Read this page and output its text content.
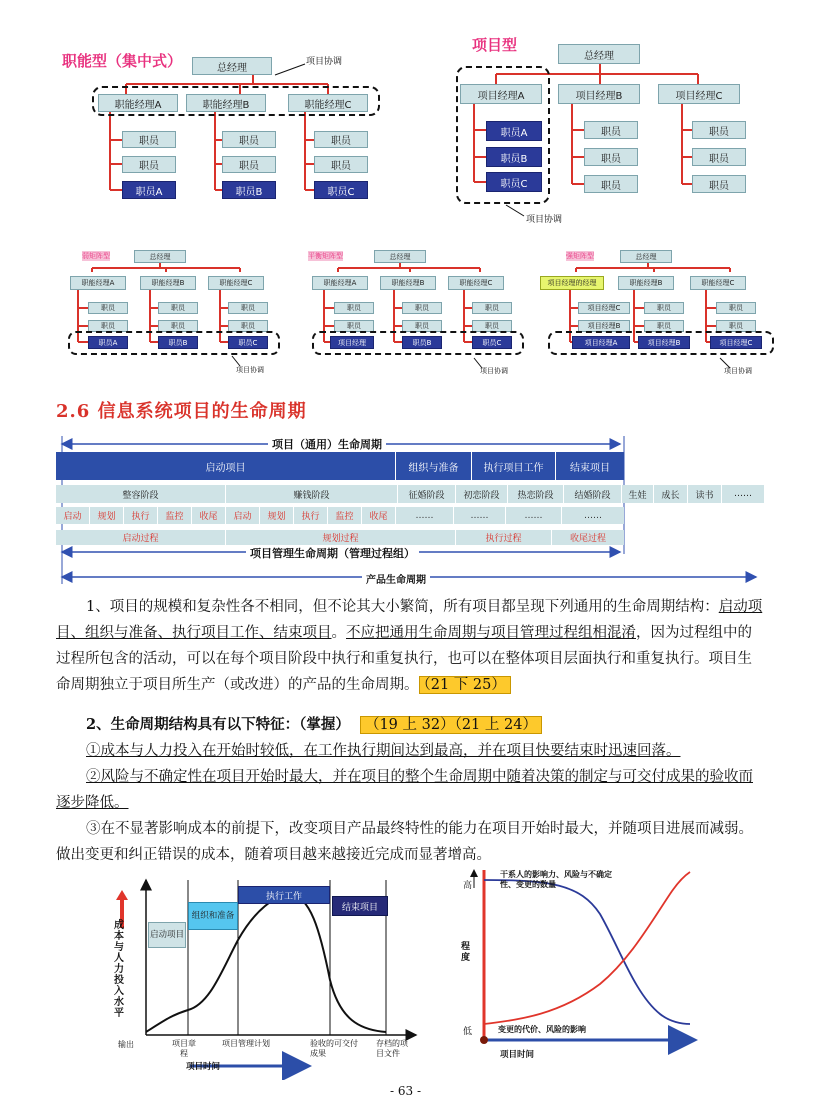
职能型（集中式）	总经理
项目协调
职能经理A	职能经理B	职能经理C
职员
职员
职员A
职员
职员
职员B
职员
职员
职员C
项目型
总经理
项目经理A	项目经理B	项目经理C
职员A
职员B
职员C
职员
职员
职员
职员
职员
职员
项目协调
弱矩阵型	总经理
职能经理A	职能经理B	职能经理C
职员
职员
职员A
职员
职员
职员B
职员
职员
职员C
项目协调
平衡矩阵型	总经理
职能经理A	职能经理B	职能经理C
职员
职员
项目经理
职员
职员
职员B
职员
职员
职员C
项目协调
强矩阵型	总经理
项目经理的经理	职能经理B	职能经理C
项目经理C
项目经理B
项目经理A
职员
职员
项目经理B
职员
职员
项目经理C
项目协调
2.6 信息系统项目的生命周期
项目（通用）生命周期
启动项目	组织与准备	执行项目工作	结束项目
整容阶段	赚钱阶段	征婚阶段	初恋阶段	热恋阶段	结婚阶段	生娃	成长	读书	……
启动	规划	执行	监控	收尾	启动	规划	执行	监控	收尾	……	……	……	……
启动过程	规划过程	执行过程	收尾过程
项目管理生命周期（管理过程组）
产品生命周期
1、项目的规模和复杂性各不相同，但不论其大小繁简，所有项目都呈现下列通用的生命周期结构：启动项目、组织与准备、执行项目工作、结束项目。不应把通用生命周期与项目管理过程组相混淆，因为过程组中的过程所包含的活动，可以在每个项目阶段中执行和重复执行，也可以在整体项目层面执行和重复执行。项目生命周期独立于项目所生产（或改进）的产品的生命周期。 （21 下 25）
2、生命周期结构具有以下特征：（掌握） （19 上 32）（21 上 24）
①成本与人力投入在开始时较低，在工作执行期间达到最高，并在项目快要结束时迅速回落。
②风险与不确定性在项目开始时最大，并在项目的整个生命周期中随着决策的制定与可交付成果的验收而逐步降低。
③在不显著影响成本的前提下，改变项目产品最终特性的能力在项目开始时最大，并随项目进展而减弱。做出变更和纠正错误的成本，随着项目越来越接近完成而显著增高。
成本与人力投入水平
启动项目
组织和准备
执行工作
结束项目
输出	项目章程
项目管理计划	验收的可交付成果
存档的项目文件
项目时间
高
低
程度
干系人的影响力、风险与不确定性、变更的数量
变更的代价、风险的影响
项目时间
- 63 -
